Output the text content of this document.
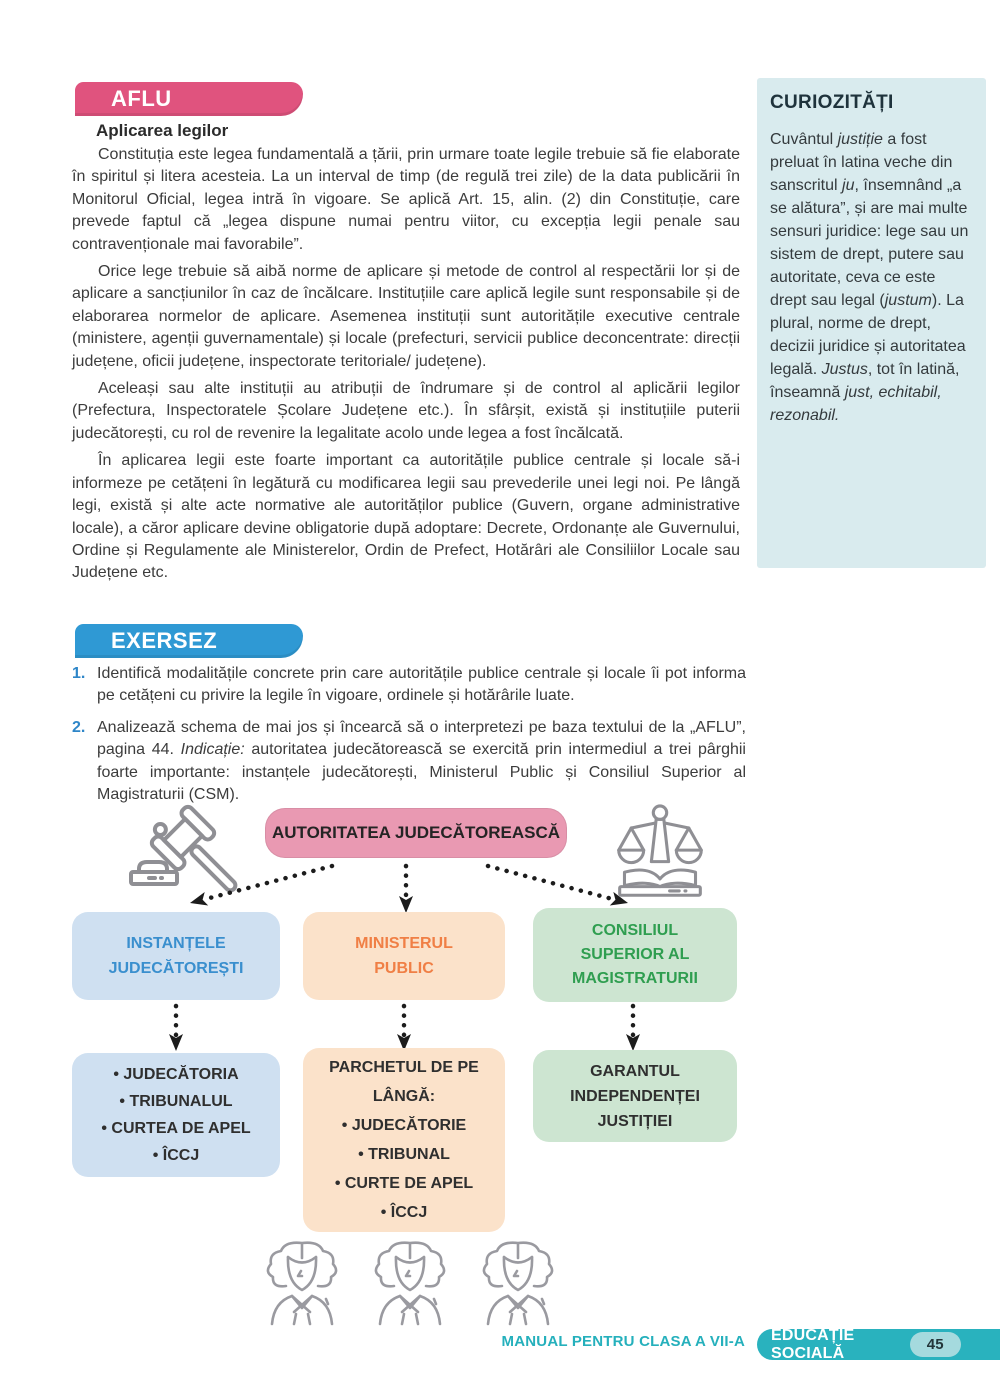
AFLU
Aplicarea legilor

Constituția este legea fundamentală a țării, prin urmare toate legile trebuie să fie elaborate în spiritul și litera acesteia. La un interval de timp (de regulă trei zile) de la data publicării în Monitorul Oficial, legea intră în vigoare. Se aplică Art. 15, alin. (2) din Constituție, care prevede faptul că „legea dispune numai pentru viitor, cu excepția legii penale sau contravenționale mai favorabile”.

Orice lege trebuie să aibă norme de aplicare și metode de control al respectării lor și de aplicare a sancțiunilor în caz de încălcare. Instituțiile care aplică legile sunt responsabile și de elaborarea normelor de aplicare. Asemenea instituții sunt autoritățile executive centrale (ministere, agenții guvernamentale) și locale (prefecturi, servicii publice deconcentrate: direcții județene, oficii județene, inspectorate teritoriale/ județene).

Aceleași sau alte instituții au atribuții de îndrumare și de control al aplicării legilor (Prefectura, Inspectoratele Școlare Județene etc.). În sfârșit, există și instituțiile puterii judecătorești, cu rol de revenire la legalitate acolo unde legea a fost încălcată.

În aplicarea legii este foarte important ca autoritățile publice centrale și locale să-i informeze pe cetățeni în legătură cu modificarea legii sau prevederile unei legi noi. Pe lângă legi, există și alte acte normative ale autorităților publice (Guvern, organe administrative locale), a căror aplicare devine obligatorie după adoptare: Decrete, Ordonanțe ale Guvernului, Ordine și Regulamente ale Ministerelor, Ordin de Prefect, Hotărâri ale Consiliilor Locale sau Județene etc.

CURIOZITĂȚI
Cuvântul justiție a fost preluat în latina veche din sanscritul ju, însemnând „a se alătura”, și are mai multe sensuri juridice: lege sau un sistem de drept, putere sau autoritate, ceva ce este drept sau legal (justum). La plural, norme de drept, decizii juridice și autoritatea legală. Justus, tot în latină, înseamnă just, echitabil, rezonabil.
EXERSEZ
1. Identifică modalitățile concrete prin care autoritățile publice centrale și locale îi pot informa pe cetățeni cu privire la legile în vigoare, ordinele și hotărârile luate.
2. Analizează schema de mai jos și încearcă să o interpretezi pe baza textului de la „AFLU”, pagina 44. Indicație: autoritatea judecătorească se exercită prin intermediul a trei pârghii foarte importante: instanțele judecătorești, Ministerul Public și Consiliul Superior al Magistraturii (CSM).
AUTORITATEA JUDECĂTOREASCĂ
INSTANȚELE
JUDECĂTOREȘTI
MINISTERUL
PUBLIC
CONSILIUL
SUPERIOR AL
MAGISTRATURII
• JUDECĂTORIA
• TRIBUNALUL
• CURTEA DE APEL
• ÎCCJ
PARCHETUL DE PE LÂNGĂ:
• JUDECĂTORIE
• TRIBUNAL
• CURTE DE APEL
• ÎCCJ
GARANTUL
INDEPENDENȚEI
JUSTIȚIEI
MANUAL PENTRU CLASA A VII-A EDUCAȚIE SOCIALĂ	45
